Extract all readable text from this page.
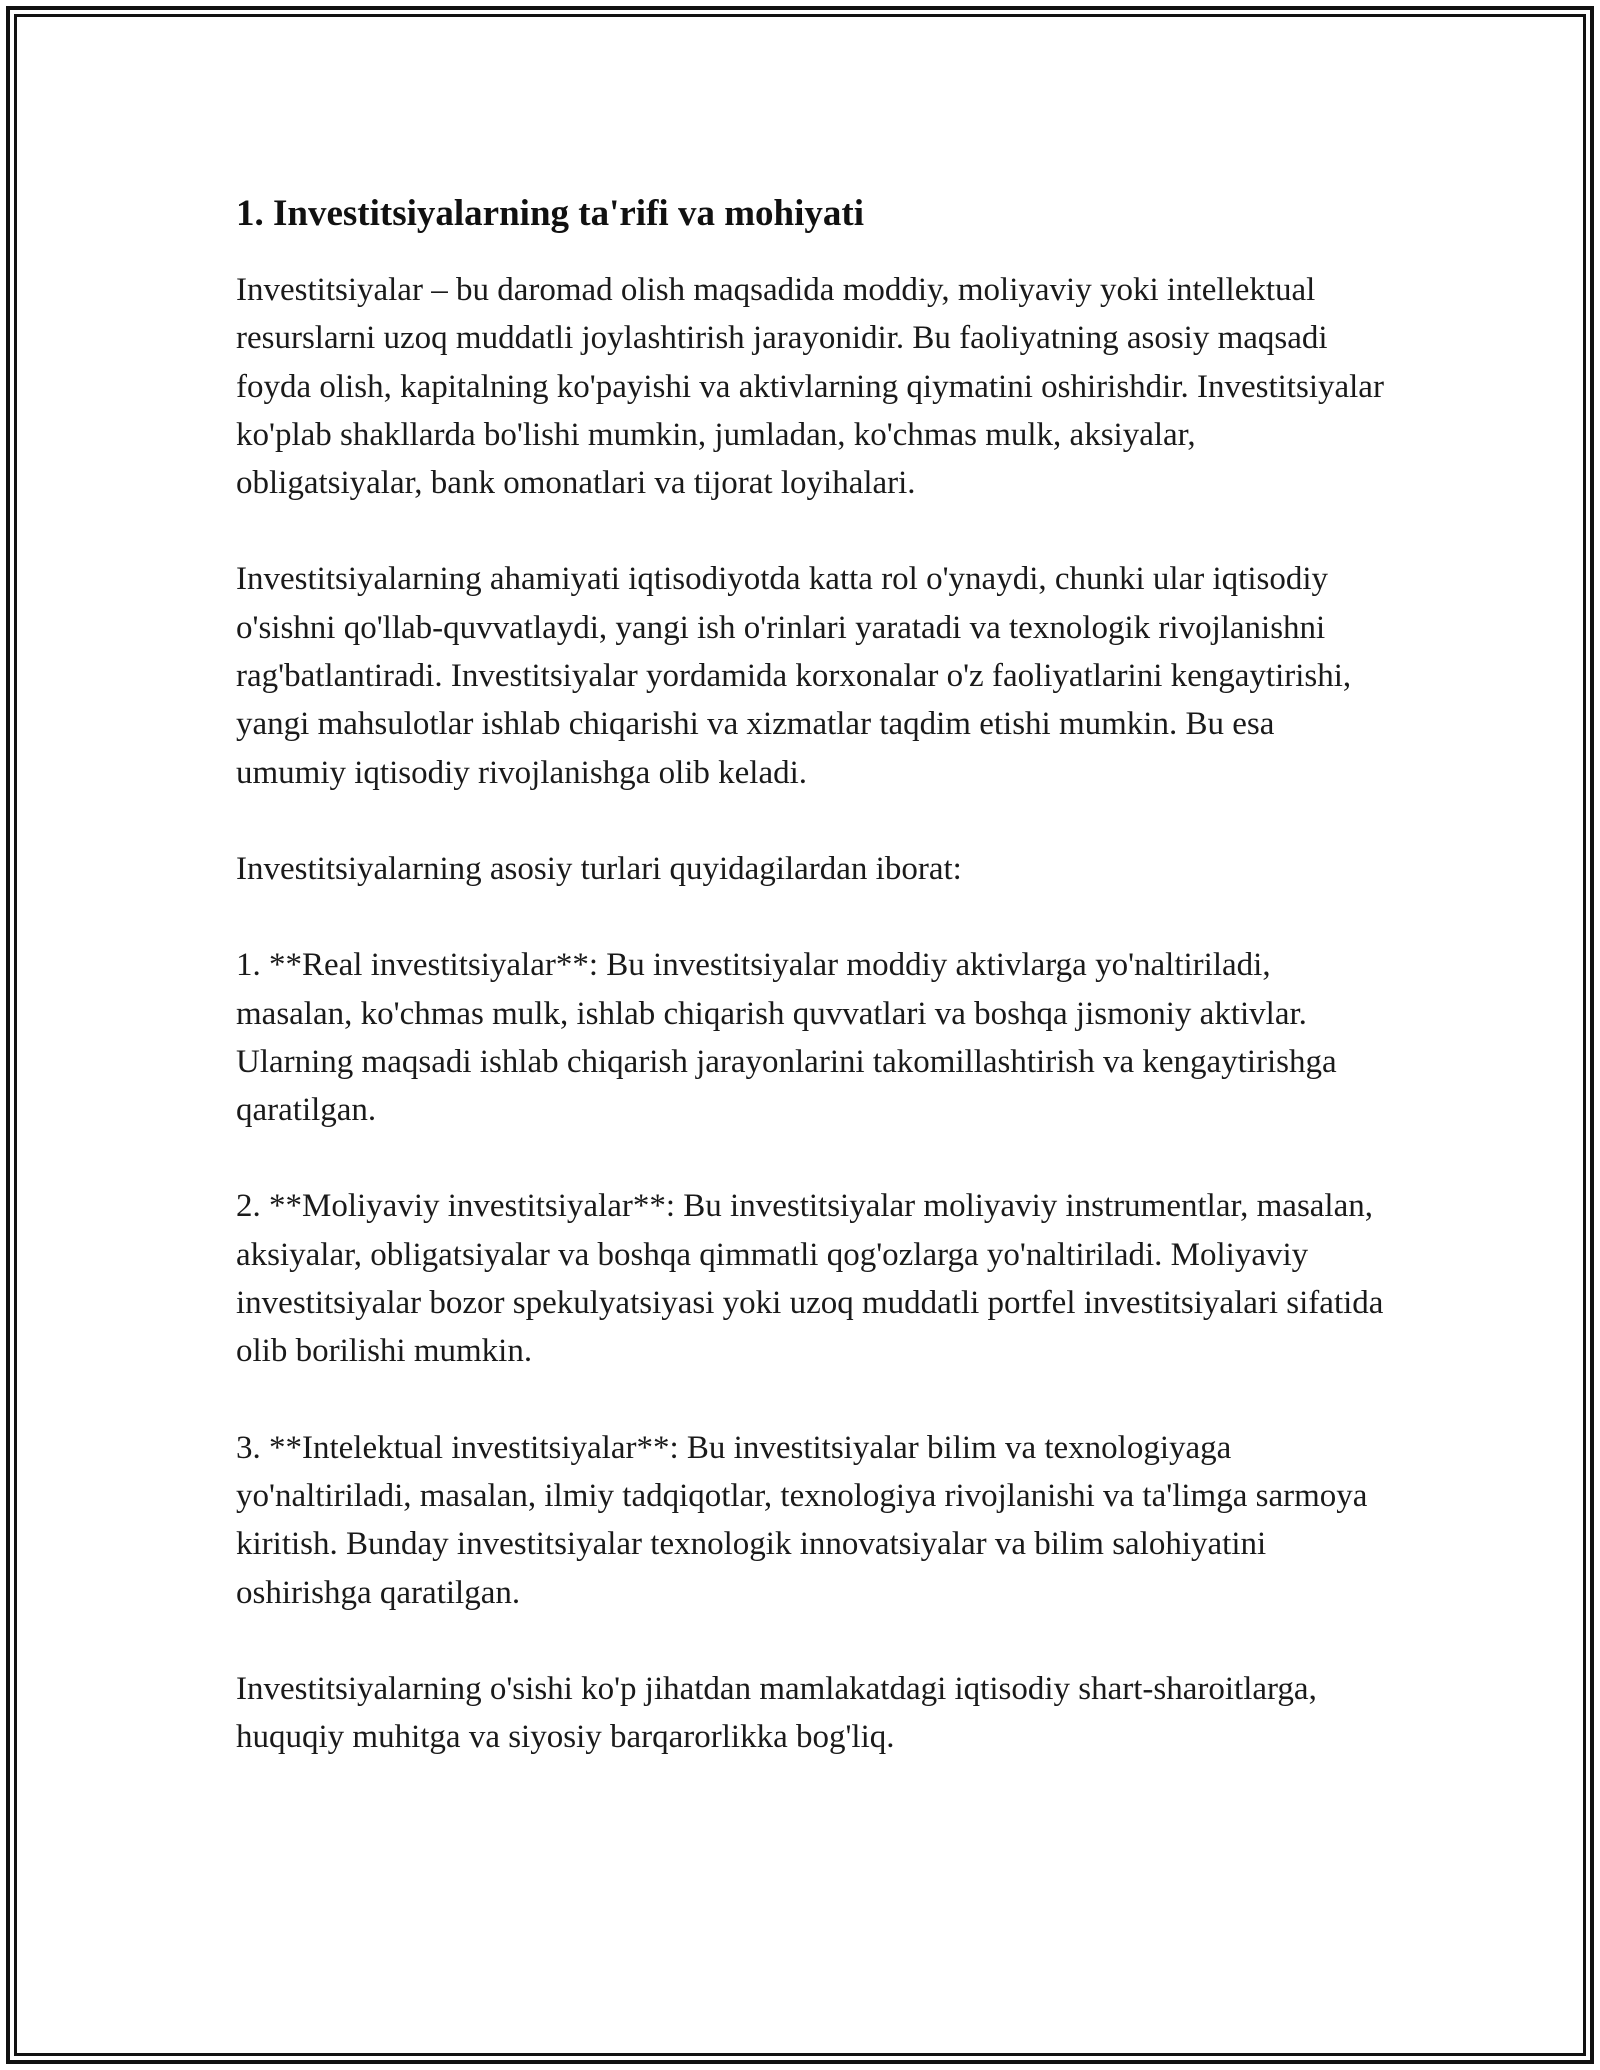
1. Investitsiyalarning ta'rifi va mohiyati

Investitsiyalar – bu daromad olish maqsadida moddiy, moliyaviy yoki intellektual resurslarni uzoq muddatli joylashtirish jarayonidir. Bu faoliyatning asosiy maqsadi foyda olish, kapitalning ko'payishi va aktivlarning qiymatini oshirishdir. Investitsiyalar ko'plab shakllarda bo'lishi mumkin, jumladan, ko'chmas mulk, aksiyalar, obligatsiyalar, bank omonatlari va tijorat loyihalari.

Investitsiyalarning ahamiyati iqtisodiyotda katta rol o'ynaydi, chunki ular iqtisodiy o'sishni qo'llab-quvvatlaydi, yangi ish o'rinlari yaratadi va texnologik rivojlanishni rag'batlantiradi. Investitsiyalar yordamida korxonalar o'z faoliyatlarini kengaytirishi, yangi mahsulotlar ishlab chiqarishi va xizmatlar taqdim etishi mumkin. Bu esa umumiy iqtisodiy rivojlanishga olib keladi.

Investitsiyalarning asosiy turlari quyidagilardan iborat:

1. **Real investitsiyalar**: Bu investitsiyalar moddiy aktivlarga yo'naltiriladi, masalan, ko'chmas mulk, ishlab chiqarish quvvatlari va boshqa jismoniy aktivlar. Ularning maqsadi ishlab chiqarish jarayonlarini takomillashtirish va kengaytirishga qaratilgan.

2. **Moliyaviy investitsiyalar**: Bu investitsiyalar moliyaviy instrumentlar, masalan, aksiyalar, obligatsiyalar va boshqa qimmatli qog'ozlarga yo'naltiriladi. Moliyaviy investitsiyalar bozor spekulyatsiyasi yoki uzoq muddatli portfel investitsiyalari sifatida olib borilishi mumkin.

3. **Intelektual investitsiyalar**: Bu investitsiyalar bilim va texnologiyaga yo'naltiriladi, masalan, ilmiy tadqiqotlar, texnologiya rivojlanishi va ta'limga sarmoya kiritish. Bunday investitsiyalar texnologik innovatsiyalar va bilim salohiyatini oshirishga qaratilgan.

Investitsiyalarning o'sishi ko'p jihatdan mamlakatdagi iqtisodiy shart-sharoitlarga, huquqiy muhitga va siyosiy barqarorlikka bog'liq.
